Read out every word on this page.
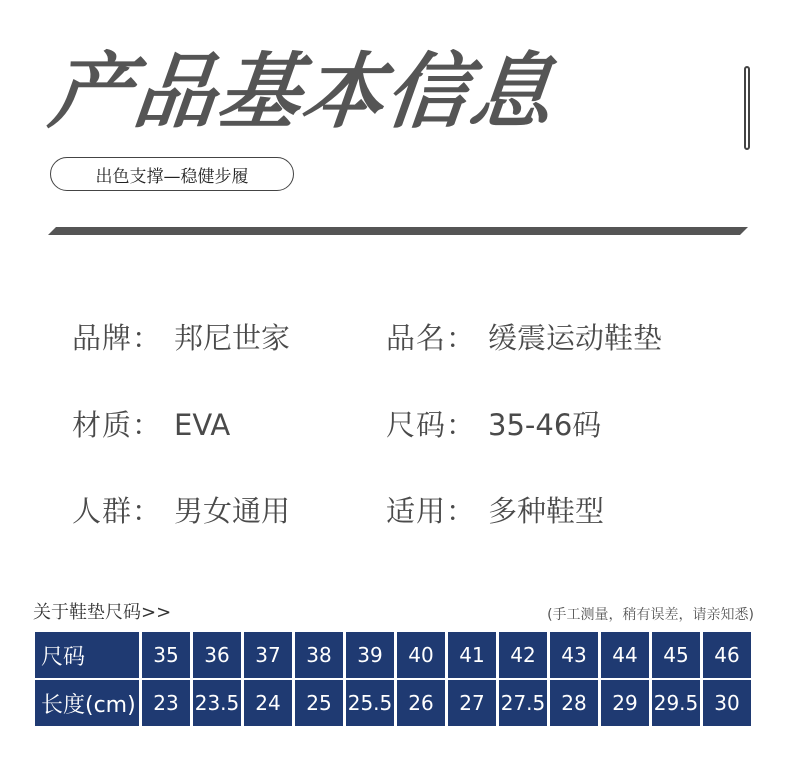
产品基本信息
出色支撑—稳健步履
品牌： 邦尼世家	品名： 缓震运动鞋垫
材质： EVA	尺码： 35-46码
人群： 男女通用	适用： 多种鞋型
关于鞋垫尺码>>	(手工测量，稍有误差，请亲知悉)
尺码	35	36	37	38	39	40	41	42	43	44	45	46
长度(cm)	23	23.5	24	25	25.5	26	27	27.5	28	29	29.5	30
